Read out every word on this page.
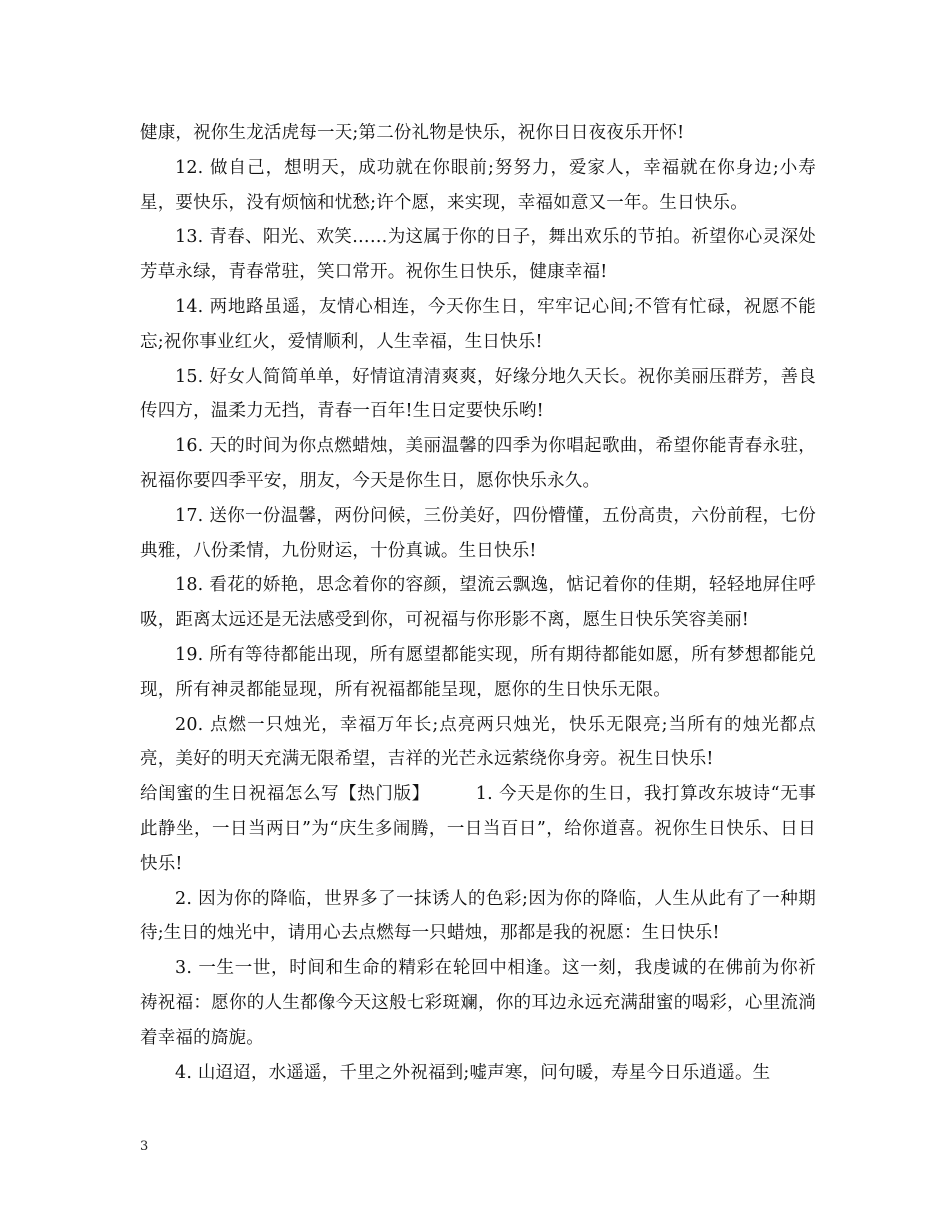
健康，祝你生龙活虎每一天;第二份礼物是快乐，祝你日日夜夜乐开怀!

12. 做自己，想明天，成功就在你眼前;努努力，爱家人，幸福就在你身边;小寿星，要快乐，没有烦恼和忧愁;许个愿，来实现，幸福如意又一年。生日快乐。

13. 青春、阳光、欢笑……为这属于你的日子，舞出欢乐的节拍。祈望你心灵深处芳草永绿，青春常驻，笑口常开。祝你生日快乐，健康幸福!

14. 两地路虽遥，友情心相连，今天你生日，牢牢记心间;不管有忙碌，祝愿不能忘;祝你事业红火，爱情顺利，人生幸福，生日快乐!

15. 好女人简简单单，好情谊清清爽爽，好缘分地久天长。祝你美丽压群芳，善良传四方，温柔力无挡，青春一百年!生日定要快乐哟!

16. 天的时间为你点燃蜡烛，美丽温馨的四季为你唱起歌曲，希望你能青春永驻，祝福你要四季平安，朋友，今天是你生日，愿你快乐永久。

17. 送你一份温馨，两份问候，三份美好，四份懵懂，五份高贵，六份前程，七份典雅，八份柔情，九份财运，十份真诚。生日快乐!

18. 看花的娇艳，思念着你的容颜，望流云飘逸，惦记着你的佳期，轻轻地屏住呼吸，距离太远还是无法感受到你，可祝福与你形影不离，愿生日快乐笑容美丽!

19. 所有等待都能出现，所有愿望都能实现，所有期待都能如愿，所有梦想都能兑现，所有神灵都能显现，所有祝福都能呈现，愿你的生日快乐无限。

20. 点燃一只烛光，幸福万年长;点亮两只烛光，快乐无限亮;当所有的烛光都点亮，美好的明天充满无限希望，吉祥的光芒永远萦绕你身旁。祝生日快乐!

给闺蜜的生日祝福怎么写【热门版】	1. 今天是你的生日，我打算改东坡诗“无事此静坐，一日当两日”为“庆生多闹腾，一日当百日”，给你道喜。祝你生日快乐、日日快乐!

2. 因为你的降临，世界多了一抹诱人的色彩;因为你的降临，人生从此有了一种期待;生日的烛光中，请用心去点燃每一只蜡烛，那都是我的祝愿：生日快乐!

3. 一生一世，时间和生命的精彩在轮回中相逢。这一刻，我虔诚的在佛前为你祈祷祝福：愿你的人生都像今天这般七彩斑斓，你的耳边永远充满甜蜜的喝彩，心里流淌着幸福的旖旎。

4. 山迢迢，水遥遥，千里之外祝福到;嘘声寒，问句暖，寿星今日乐逍遥。生

3
